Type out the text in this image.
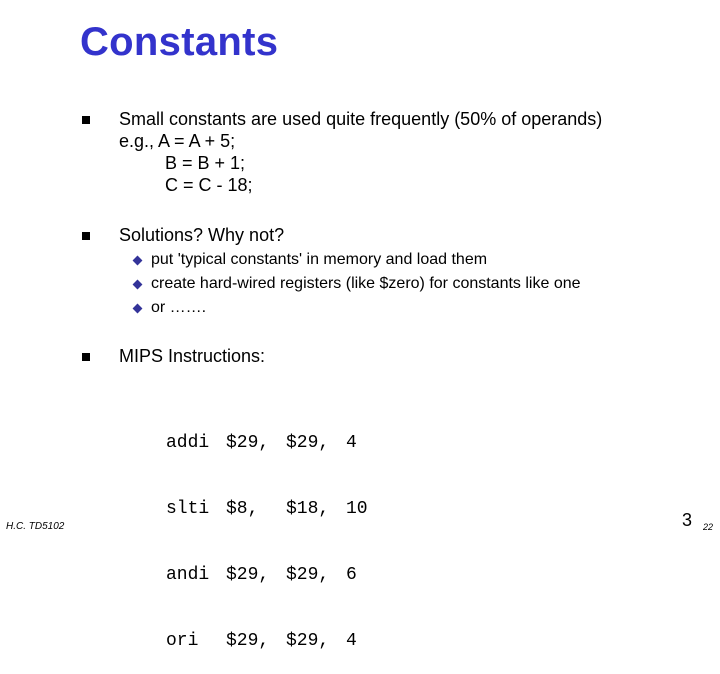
Constants
Small constants are used quite frequently (50% of operands)
e.g., A = A + 5;
B = B + 1;
C = C - 18;
Solutions? Why not?
put 'typical constants' in memory and load them
create hard-wired registers (like $zero) for constants like one
or …….
MIPS Instructions:

addi $29, $29, 4

slti $8, $18, 10

andi $29, $29, 6

ori $29, $29, 4

H.C. TD5102	3 22
